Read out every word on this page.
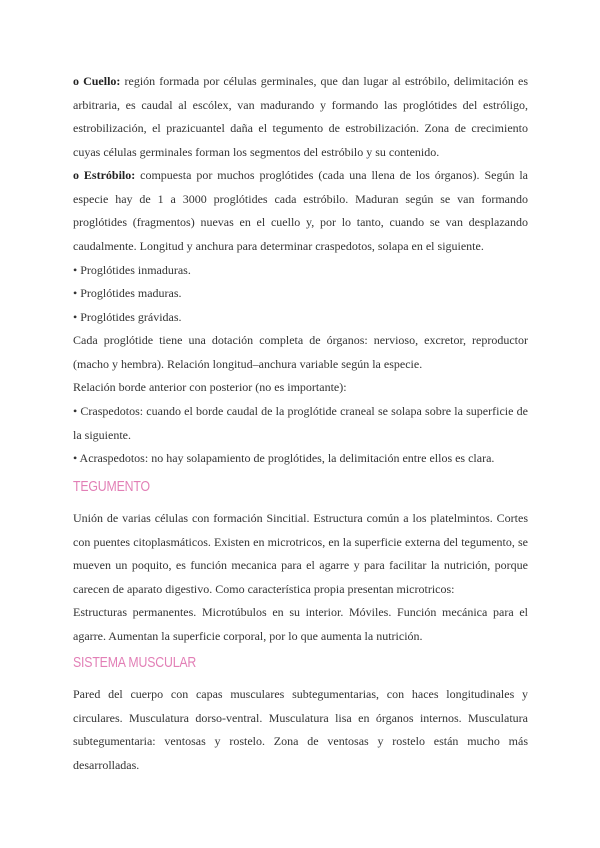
o Cuello: región formada por células germinales, que dan lugar al estróbilo, delimitación es arbitraria, es caudal al escólex, van madurando y formando las proglótides del estróligo, estrobilización, el prazicuantel daña el tegumento de estrobilización. Zona de crecimiento cuyas células germinales forman los segmentos del estróbilo y su contenido.

o Estróbilo: compuesta por muchos proglótides (cada una llena de los órganos). Según la especie hay de 1 a 3000 proglótides cada estróbilo. Maduran según se van formando proglótides (fragmentos) nuevas en el cuello y, por lo tanto, cuando se van desplazando caudalmente. Longitud y anchura para determinar craspedotos, solapa en el siguiente.

• Proglótides inmaduras.

• Proglótides maduras.

• Proglótides grávidas.

Cada proglótide tiene una dotación completa de órganos: nervioso, excretor, reproductor (macho y hembra). Relación longitud–anchura variable según la especie.

Relación borde anterior con posterior (no es importante):

• Craspedotos: cuando el borde caudal de la proglótide craneal se solapa sobre la superficie de la siguiente.

• Acraspedotos: no hay solapamiento de proglótides, la delimitación entre ellos es clara.

TEGUMENTO

Unión de varias células con formación Sincitial. Estructura común a los platelmintos. Cortes con puentes citoplasmáticos. Existen en microtricos, en la superficie externa del tegumento, se mueven un poquito, es función mecanica para el agarre y para facilitar la nutrición, porque carecen de aparato digestivo. Como característica propia presentan microtricos:

Estructuras permanentes. Microtúbulos en su interior. Móviles. Función mecánica para el agarre. Aumentan la superficie corporal, por lo que aumenta la nutrición.

SISTEMA MUSCULAR

Pared del cuerpo con capas musculares subtegumentarias, con haces longitudinales y circulares. Musculatura dorso-ventral. Musculatura lisa en órganos internos. Musculatura subtegumentaria: ventosas y rostelo. Zona de ventosas y rostelo están mucho más desarrolladas.
